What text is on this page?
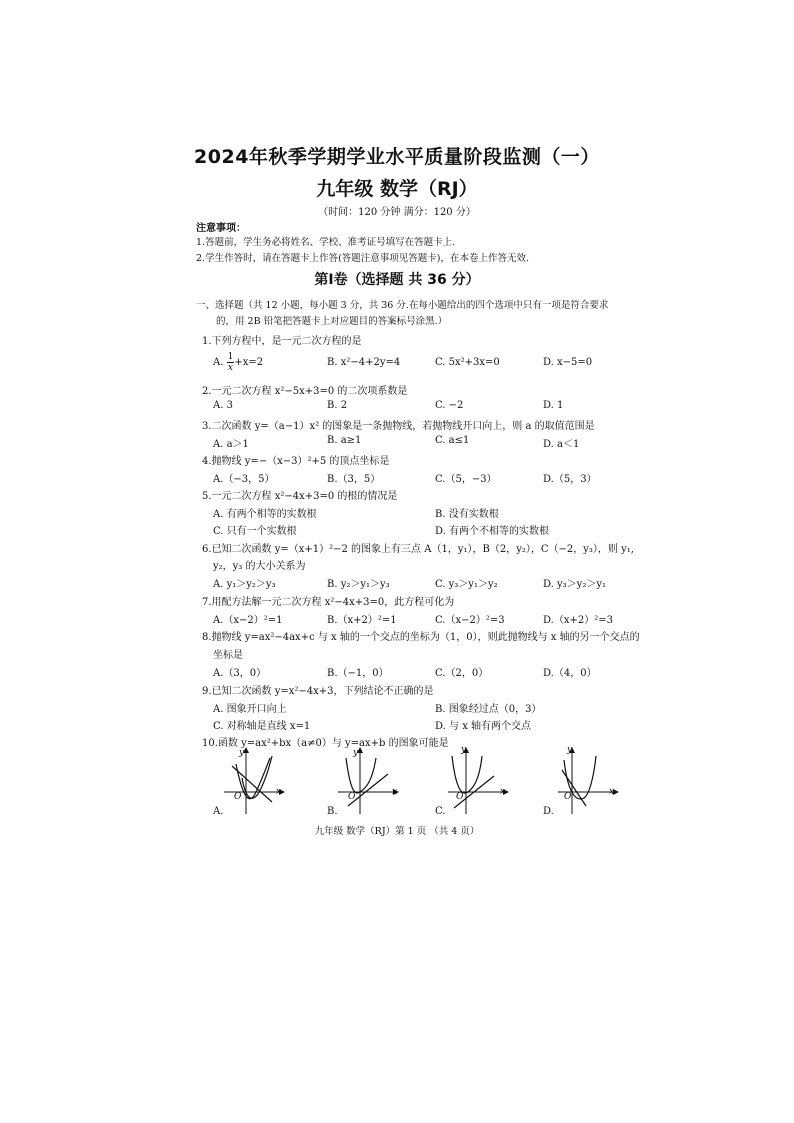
2024年秋季学期学业水平质量阶段监测（一）
九年级 数学（RJ）
（时间：120 分钟 满分：120 分）
注意事项：
1.答题前，学生务必将姓名、学校、准考证号填写在答题卡上.
2.学生作答时，请在答题卡上作答(答题注意事项见答题卡)，在本卷上作答无效.
第Ⅰ卷（选择题 共 36 分）
一、选择题（共 12 小题，每小题 3 分，共 36 分.在每小题给出的四个选项中只有一项是符合要求
的，用 2B 铅笔把答题卡上对应题目的答案标号涂黑.）
1.下列方程中，是一元二次方程的是
A. $\frac{1}{x} +x=2$	B. x²−4+2y=4	C. 5x²+3x=0	D. x−5=0
2.一元二次方程 x²−5x+3=0 的二次项系数是
A. 3	B. 2	C. −2	D. 1
3.二次函数 y=（a−1）x² 的图象是一条抛物线，若抛物线开口向上，则 a 的取值范围是
A. a＞1	B. a≥1	C. a≤1	D. a＜1
4.抛物线 y=−（x−3）²+5 的顶点坐标是
A.（−3，5）	B.（3，5）	C.（5，−3）	D.（5，3）
5.一元二次方程 x²−4x+3=0 的根的情况是
A. 有两个相等的实数根	B. 没有实数根
C. 只有一个实数根	D. 有两个不相等的实数根
6.已知二次函数 y=（x+1）²−2 的图象上有三点 A（1，y₁），B（2，y₂），C（−2，y₃），则 y₁,
y₂，y₃ 的大小关系为
A. y₁＞y₂＞y₃	B. y₂＞y₁＞y₃	C. y₃＞y₁＞y₂	D. y₃＞y₂＞y₁
7.用配方法解一元二次方程 x²−4x+3=0，此方程可化为
A.（x−2）²=1	B.（x+2）²=1	C.（x−2）²=3	D.（x+2）²=3
8.抛物线 y=ax²−4ax+c 与 x 轴的一个交点的坐标为（1，0），则此抛物线与 x 轴的另一个交点的
坐标是
A.（3，0）	B.（−1，0）	C.（2，0）	D.（4，0）
9.已知二次函数 y=x²−4x+3，下列结论不正确的是
A. 图象开口向上	B. 图象经过点（0，3）
C. 对称轴是直线 x=1	D. 与 x 轴有两个交点
10.函数 y=ax²+bx（a≠0）与 y=ax+b 的图象可能是
y
x
O
A.
y
x
O
B.
y
x
O
C.
y
x
O
D.
九年级 数学（RJ）第 1 页 （共 4 页）
